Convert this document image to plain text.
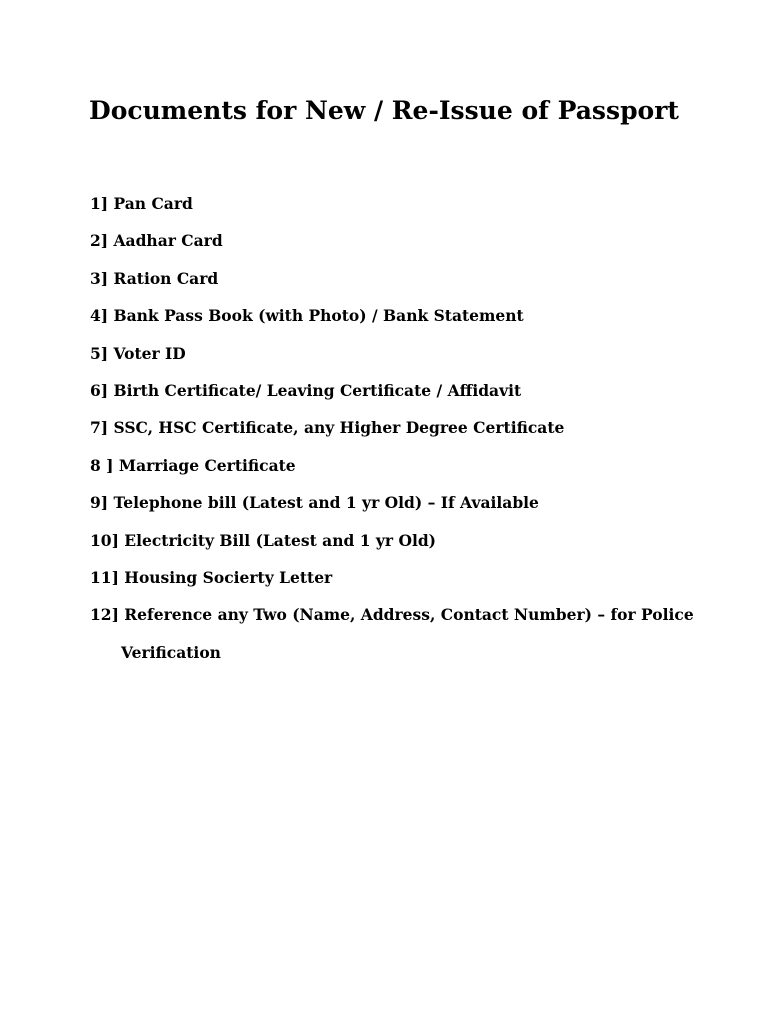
Documents for New / Re-Issue of Passport
1] Pan Card
2] Aadhar Card
3] Ration Card
4] Bank Pass Book (with Photo) / Bank Statement
5] Voter ID
6] Birth Certificate/ Leaving Certificate / Affidavit
7] SSC, HSC Certificate, any Higher Degree Certificate
8 ] Marriage Certificate
9] Telephone bill (Latest and 1 yr Old) – If Available
10] Electricity Bill (Latest and 1 yr Old)
11] Housing Socierty Letter
12] Reference any Two (Name, Address, Contact Number) – for Police
Verification
